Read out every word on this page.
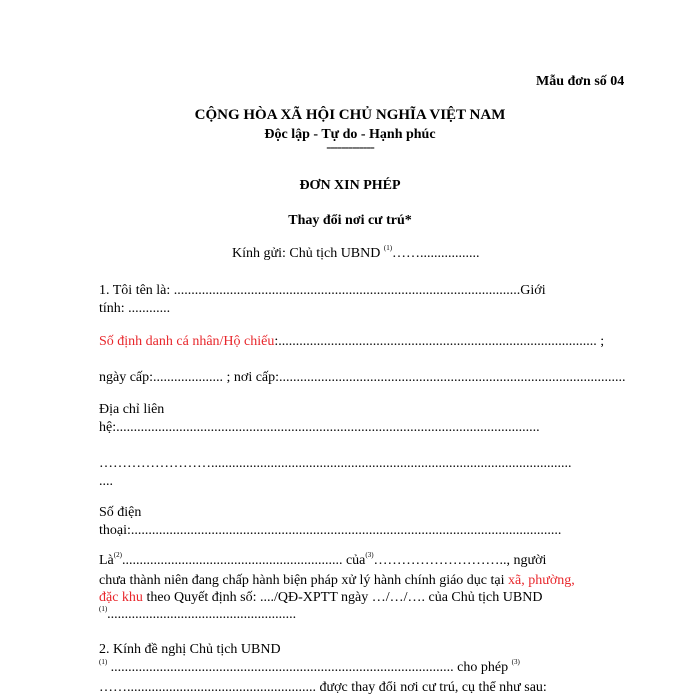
Mẫu đơn số 04
CỘNG HÒA XÃ HỘI CHỦ NGHĨA VIỆT NAM
Độc lập - Tự do - Hạnh phúc
-------------
ĐƠN XIN PHÉP
Thay đổi nơi cư trú*
Kính gửi: Chủ tịch UBND $^{(1)}$…….................
1. Tôi tên là: ...................................................................................................Giới
tính: ............
Số định danh cá nhân/Hộ chiếu:........................................................................................... ;
ngày cấp:.................... ; nơi cấp:...................................................................................................
Địa chỉ liên
hệ:.........................................................................................................................
…………………….......................................................................................................
....
Số điện
thoại:...........................................................................................................................
$Là^{(2)}$............................................................... của$^{(3)}$……………………….., người
chưa thành niên đang chấp hành biện pháp xử lý hành chính giáo dục tại xã, phường,
đặc khu theo Quyết định số: ..../QĐ-XPTT ngày …/…/…. của Chủ tịch UBND
$^{(1)}$......................................................
2. Kính đề nghị Chủ tịch UBND
$^{(1)}$ .................................................................................................. cho phép $^{(3)}$
……...................................................... được thay đổi nơi cư trú, cụ thể như sau:
